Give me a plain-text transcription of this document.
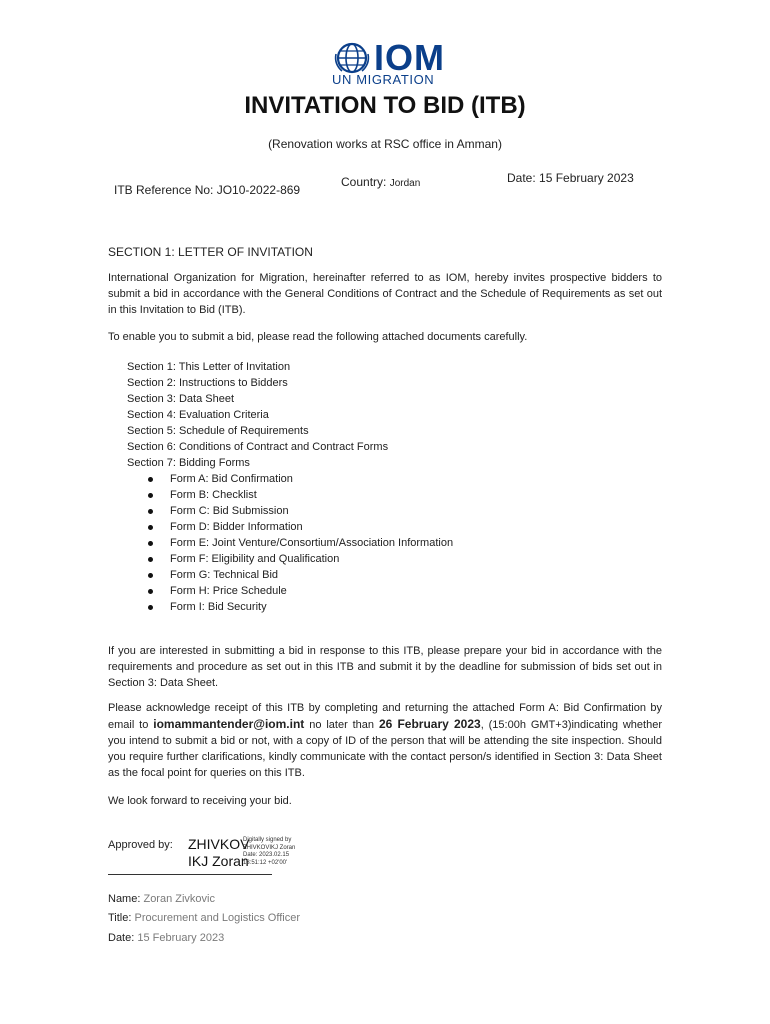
IOM
UN MIGRATION
INVITATION TO BID (ITB)
(Renovation works at RSC office in Amman)
ITB Reference No: JO10-2022-869
Country: Jordan	Date: 15 February 2023
SECTION 1: LETTER OF INVITATION

International Organization for Migration, hereinafter referred to as IOM, hereby invites prospective bidders to submit a bid in accordance with the General Conditions of Contract and the Schedule of Requirements as set out in this Invitation to Bid (ITB).

To enable you to submit a bid, please read the following attached documents carefully.

Section 1: This Letter of Invitation
Section 2: Instructions to Bidders
Section 3: Data Sheet
Section 4: Evaluation Criteria
Section 5: Schedule of Requirements
Section 6: Conditions of Contract and Contract Forms
Section 7: Bidding Forms
Form A: Bid Confirmation
Form B: Checklist
Form C: Bid Submission
Form D: Bidder Information
Form E: Joint Venture/Consortium/Association Information
Form F: Eligibility and Qualification
Form G: Technical Bid
Form H: Price Schedule
Form I: Bid Security

If you are interested in submitting a bid in response to this ITB, please prepare your bid in accordance with the requirements and procedure as set out in this ITB and submit it by the deadline for submission of bids set out in Section 3: Data Sheet.

Please acknowledge receipt of this ITB by completing and returning the attached Form A: Bid Confirmation by email to iomammantender@iom.int no later than 26 February 2023, (15:00h GMT+3)indicating whether you intend to submit a bid or not, with a copy of ID of the person that will be attending the site inspection. Should you require further clarifications, kindly communicate with the contact person/s identified in Section 3: Data Sheet as the focal point for queries on this ITB.

We look forward to receiving your bid.

Approved by: ZHIVKOV
IKJ Zoran
Digitally signed by
ZHIVKOVIKJ Zoran
Date: 2023.02.15
13:51:12 +02'00'
Name: Zoran Zivkovic
Title: Procurement and Logistics Officer
Date: 15 February 2023
